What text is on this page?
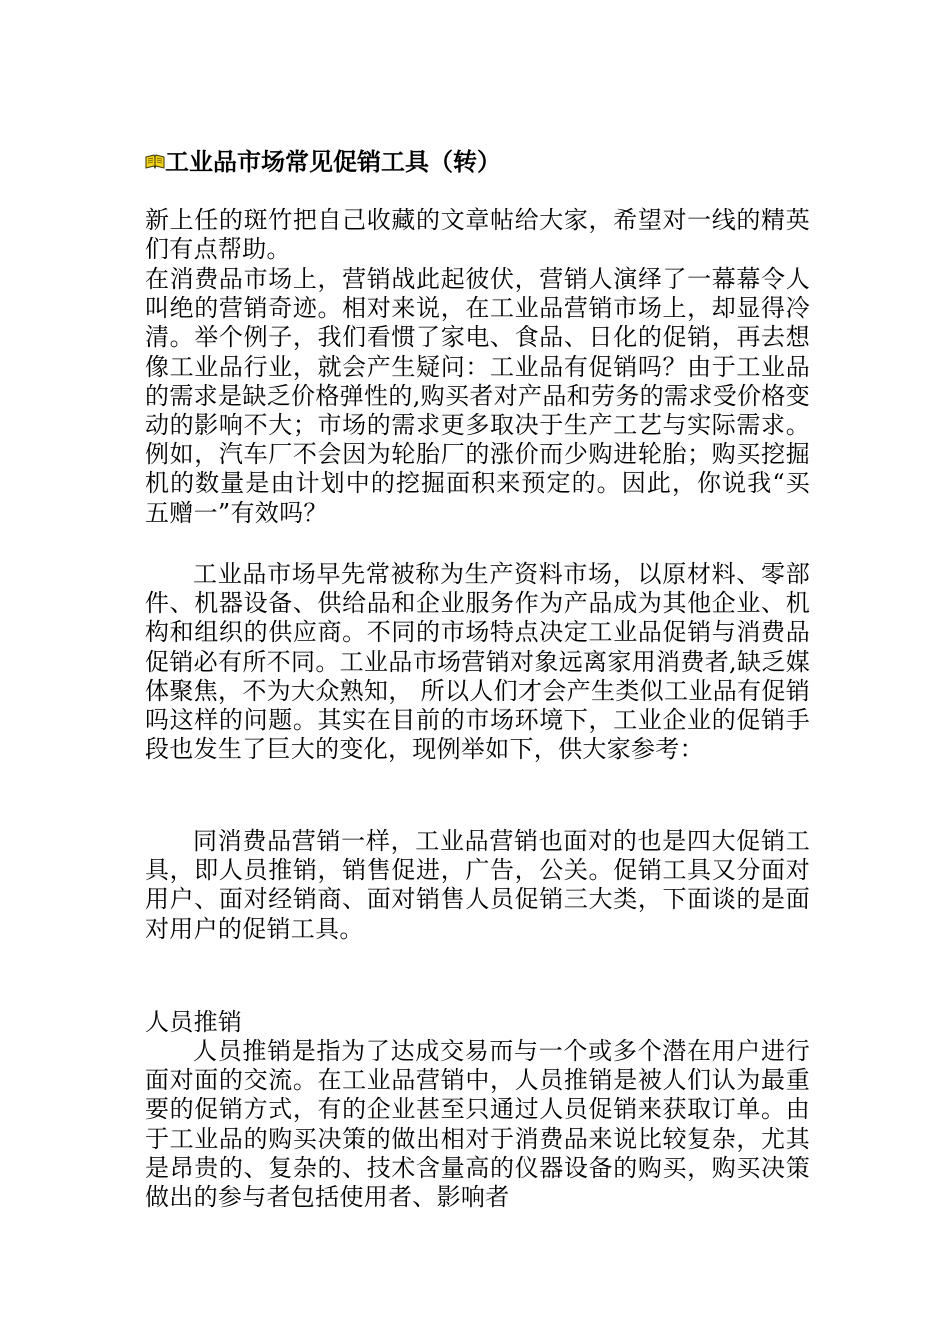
工业品市场常见促销工具（转）

新上任的斑竹把自己收藏的文章帖给大家，希望对一线的精英们有点帮助。

在消费品市场上，营销战此起彼伏，营销人演绎了一幕幕令人叫绝的营销奇迹。相对来说，在工业品营销市场上，却显得冷清。举个例子，我们看惯了家电、食品、日化的促销，再去想像工业品行业，就会产生疑问：工业品有促销吗？由于工业品的需求是缺乏价格弹性的,购买者对产品和劳务的需求受价格变动的影响不大；市场的需求更多取决于生产工艺与实际需求。例如，汽车厂不会因为轮胎厂的涨价而少购进轮胎；购买挖掘机的数量是由计划中的挖掘面积来预定的。因此，你说我“买五赠一”有效吗？

工业品市场早先常被称为生产资料市场，以原材料、零部件、机器设备、供给品和企业服务作为产品成为其他企业、机构和组织的供应商。不同的市场特点决定工业品促销与消费品促销必有所不同。工业品市场营销对象远离家用消费者,缺乏媒体聚焦，不为大众熟知， 所以人们才会产生类似工业品有促销吗这样的问题。其实在目前的市场环境下，工业企业的促销手段也发生了巨大的变化，现例举如下，供大家参考：

同消费品营销一样，工业品营销也面对的也是四大促销工具，即人员推销，销售促进，广告，公关。促销工具又分面对用户、面对经销商、面对销售人员促销三大类，下面谈的是面对用户的促销工具。

人员推销

人员推销是指为了达成交易而与一个或多个潜在用户进行面对面的交流。在工业品营销中，人员推销是被人们认为最重要的促销方式，有的企业甚至只通过人员促销来获取订单。由于工业品的购买决策的做出相对于消费品来说比较复杂，尤其是昂贵的、复杂的、技术含量高的仪器设备的购买，购买决策做出的参与者包括使用者、影响者
